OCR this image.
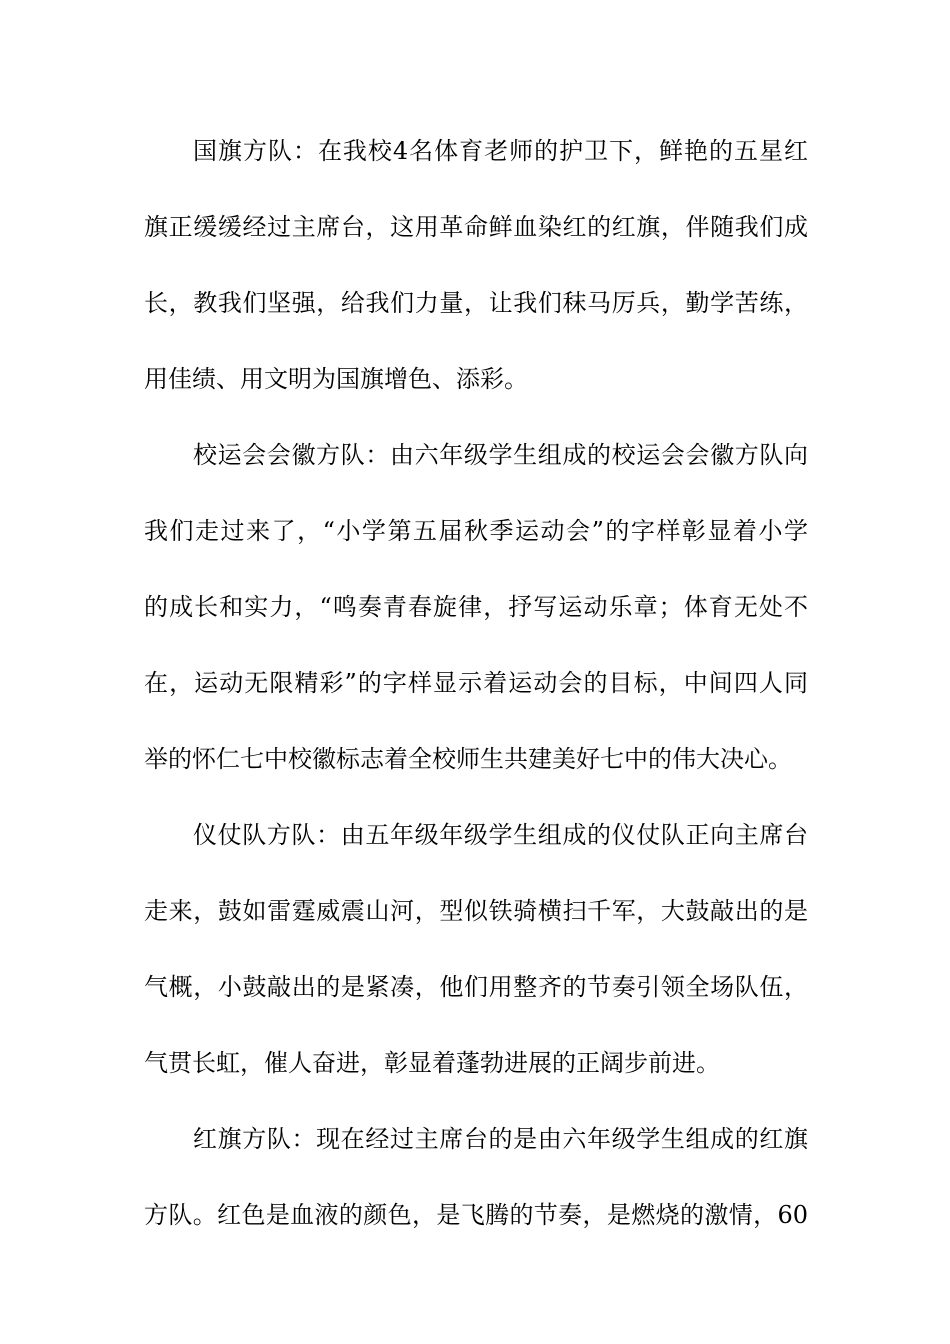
国旗方队：在我校4名体育老师的护卫下，鲜艳的五星红
旗正缓缓经过主席台，这用革命鲜血染红的红旗，伴随我们成
长，教我们坚强，给我们力量，让我们秣马厉兵，勤学苦练，
用佳绩、用文明为国旗增色、添彩。
校运会会徽方队：由六年级学生组成的校运会会徽方队向
我们走过来了，“小学第五届秋季运动会”的字样彰显着小学
的成长和实力，“鸣奏青春旋律，抒写运动乐章；体育无处不
在，运动无限精彩”的字样显示着运动会的目标，中间四人同
举的怀仁七中校徽标志着全校师生共建美好七中的伟大决心。
仪仗队方队：由五年级年级学生组成的仪仗队正向主席台
走来，鼓如雷霆威震山河，型似铁骑横扫千军，大鼓敲出的是
气概，小鼓敲出的是紧凑，他们用整齐的节奏引领全场队伍，
气贯长虹，催人奋进，彰显着蓬勃进展的正阔步前进。
红旗方队：现在经过主席台的是由六年级学生组成的红旗
方队。红色是血液的颜色，是飞腾的节奏，是燃烧的激情，60
